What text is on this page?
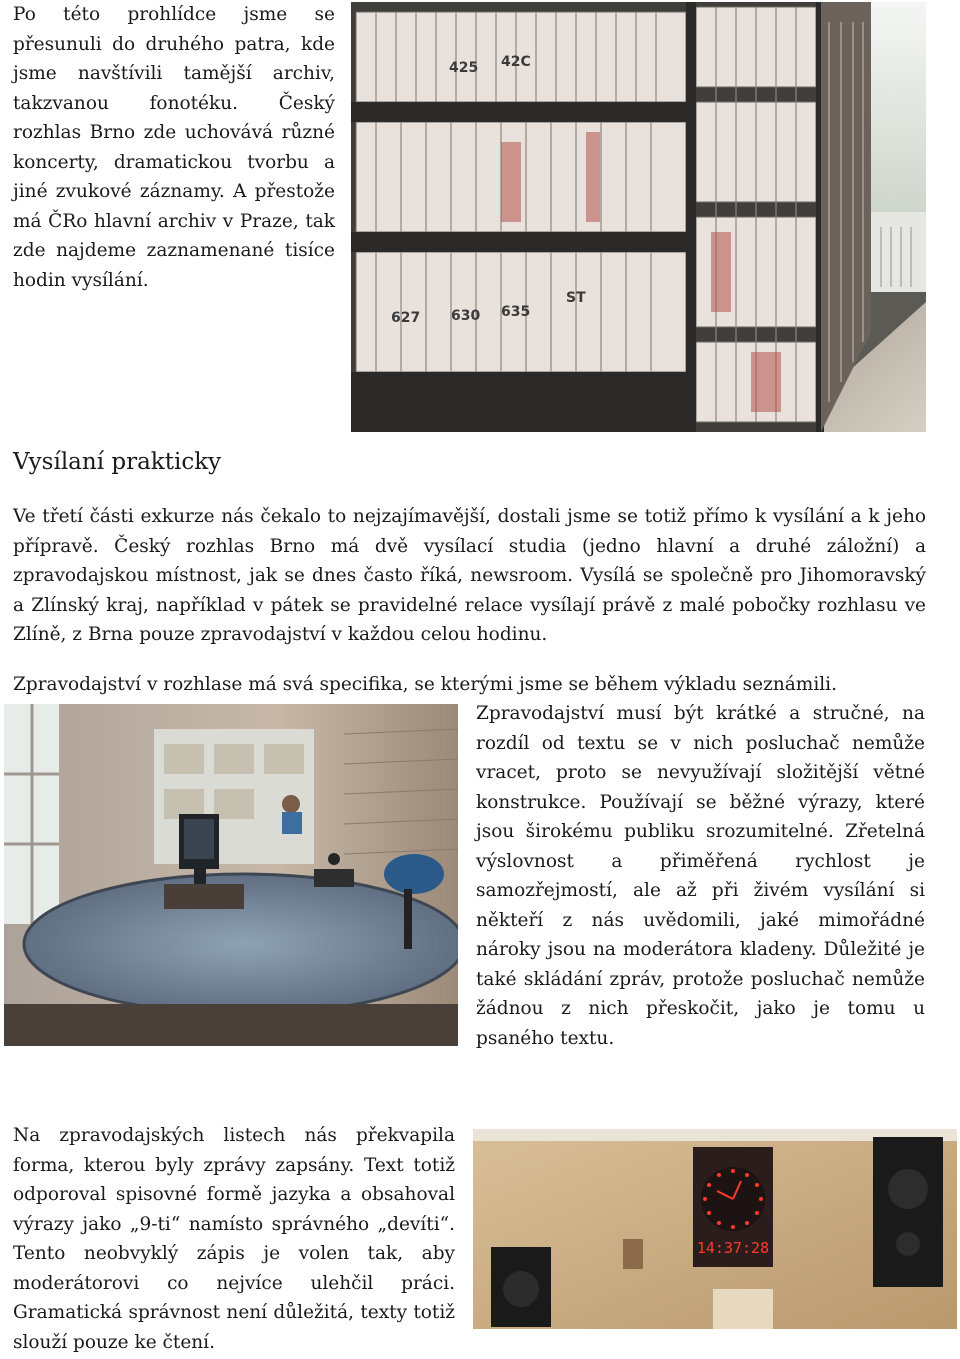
Po této prohlídce jsme se přesunuli do druhého patra, kde jsme navštívili tamější archiv, takzvanou fonotéku. Český rozhlas Brno zde uchovává různé koncerty, dramatickou tvorbu a jiné zvukové záznamy. A přestože má ČRo hlavní archiv v Praze, tak zde najdeme zaznamenané tisíce hodin vysílání.

425 42C
627 630 635
ST
Vysílaní prakticky

Ve třetí části exkurze nás čekalo to nejzajímavější, dostali jsme se totiž přímo k vysílání a k jeho přípravě. Český rozhlas Brno má dvě vysílací studia (jedno hlavní a druhé záložní) a zpravodajskou místnost, jak se dnes často říká, newsroom. Vysílá se společně pro Jihomoravský a Zlínský kraj, například v pátek se pravidelné relace vysílají právě z malé pobočky rozhlasu ve Zlíně, z Brna pouze zpravodajství v každou celou hodinu.

Zpravodajství v rozhlase má svá specifika, se kterými jsme se během výkladu seznámili.

Zpravodajství musí být krátké a stručné, na rozdíl od textu se v nich posluchač nemůže vracet, proto se nevyužívají složitější větné konstrukce. Používají se běžné výrazy, které jsou širokému publiku srozumitelné. Zřetelná výslovnost a přiměřená rychlost je samozřejmostí, ale až při živém vysílání si někteří z nás uvědomili, jaké mimořádné nároky jsou na moderátora kladeny. Důležité je také skládání zpráv, protože posluchač nemůže žádnou z nich přeskočit, jako je tomu u psaného textu.

Na zpravodajských listech nás překvapila forma, kterou byly zprávy zapsány. Text totiž odporoval spisovné formě jazyka a obsahoval výrazy jako „9-ti“ namísto správného „devíti“. Tento neobvyklý zápis je volen tak, aby moderátorovi co nejvíce ulehčil práci. Gramatická správnost není důležitá, texty totiž slouží pouze ke čtení.

14:37:28
